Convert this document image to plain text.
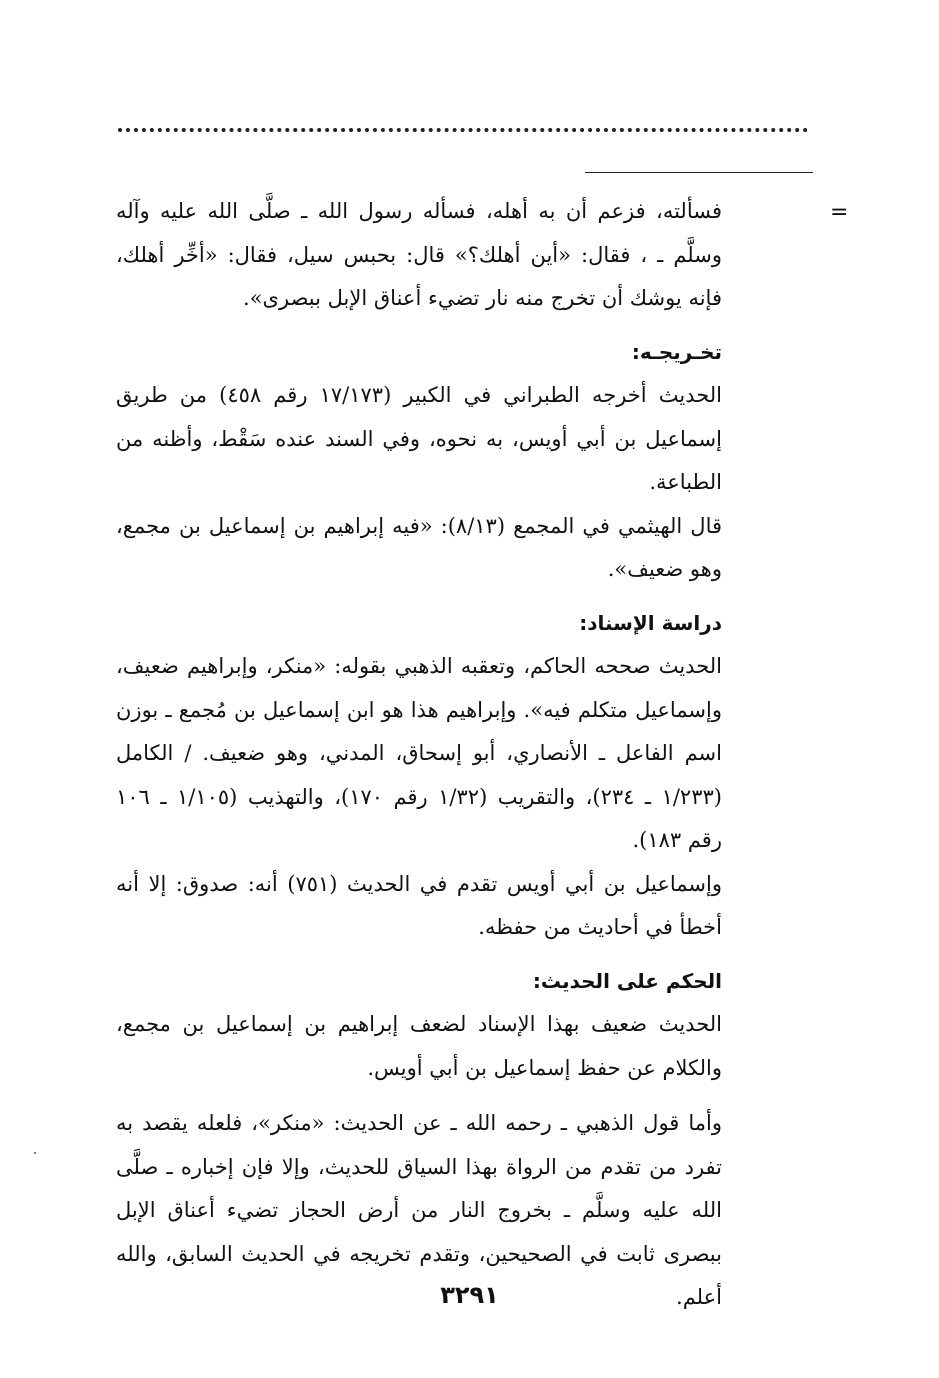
=

فسألته، فزعم أن به أهله، فسأله رسول الله ـ صلَّى الله عليه وآله وسلَّم ـ ، فقال: «أين أهلك؟» قال: بحبس سيل، فقال: «أخِّر أهلك، فإنه يوشك أن تخرج منه نار تضيء أعناق الإبل ببصرى».

تخـريجـه:

الحديث أخرجه الطبراني في الكبير (١٧/١٧٣ رقم ٤٥٨) من طريق إسماعيل بن أبي أويس، به نحوه، وفي السند عنده سَقْط، وأظنه من الطباعة.

قال الهيثمي في المجمع (٨/١٣): «فيه إبراهيم بن إسماعيل بن مجمع، وهو ضعيف».

دراسة الإسناد:

الحديث صححه الحاكم، وتعقبه الذهبي بقوله: «منكر، وإبراهيم ضعيف، وإسماعيل متكلم فيه». وإبراهيم هذا هو ابن إسماعيل بن مُجمع ـ بوزن اسم الفاعل ـ الأنصاري، أبو إسحاق، المدني، وهو ضعيف. / الكامل (١/٢٣٣ ـ ٢٣٤)، والتقريب (١/٣٢ رقم ١٧٠)، والتهذيب (١/١٠٥ ـ ١٠٦ رقم ١٨٣).

وإسماعيل بن أبي أويس تقدم في الحديث (٧٥١) أنه: صدوق: إلا أنه أخطأ في أحاديث من حفظه.

الحكم على الحديث:

الحديث ضعيف بهذا الإسناد لضعف إبراهيم بن إسماعيل بن مجمع، والكلام عن حفظ إسماعيل بن أبي أويس.

وأما قول الذهبي ـ رحمه الله ـ عن الحديث: «منكر»، فلعله يقصد به تفرد من تقدم من الرواة بهذا السياق للحديث، وإلا فإن إخباره ـ صلَّى الله عليه وسلَّم ـ بخروج النار من أرض الحجاز تضيء أعناق الإبل ببصرى ثابت في الصحيحين، وتقدم تخريجه في الحديث السابق، والله أعلم.

٣٢٩١
